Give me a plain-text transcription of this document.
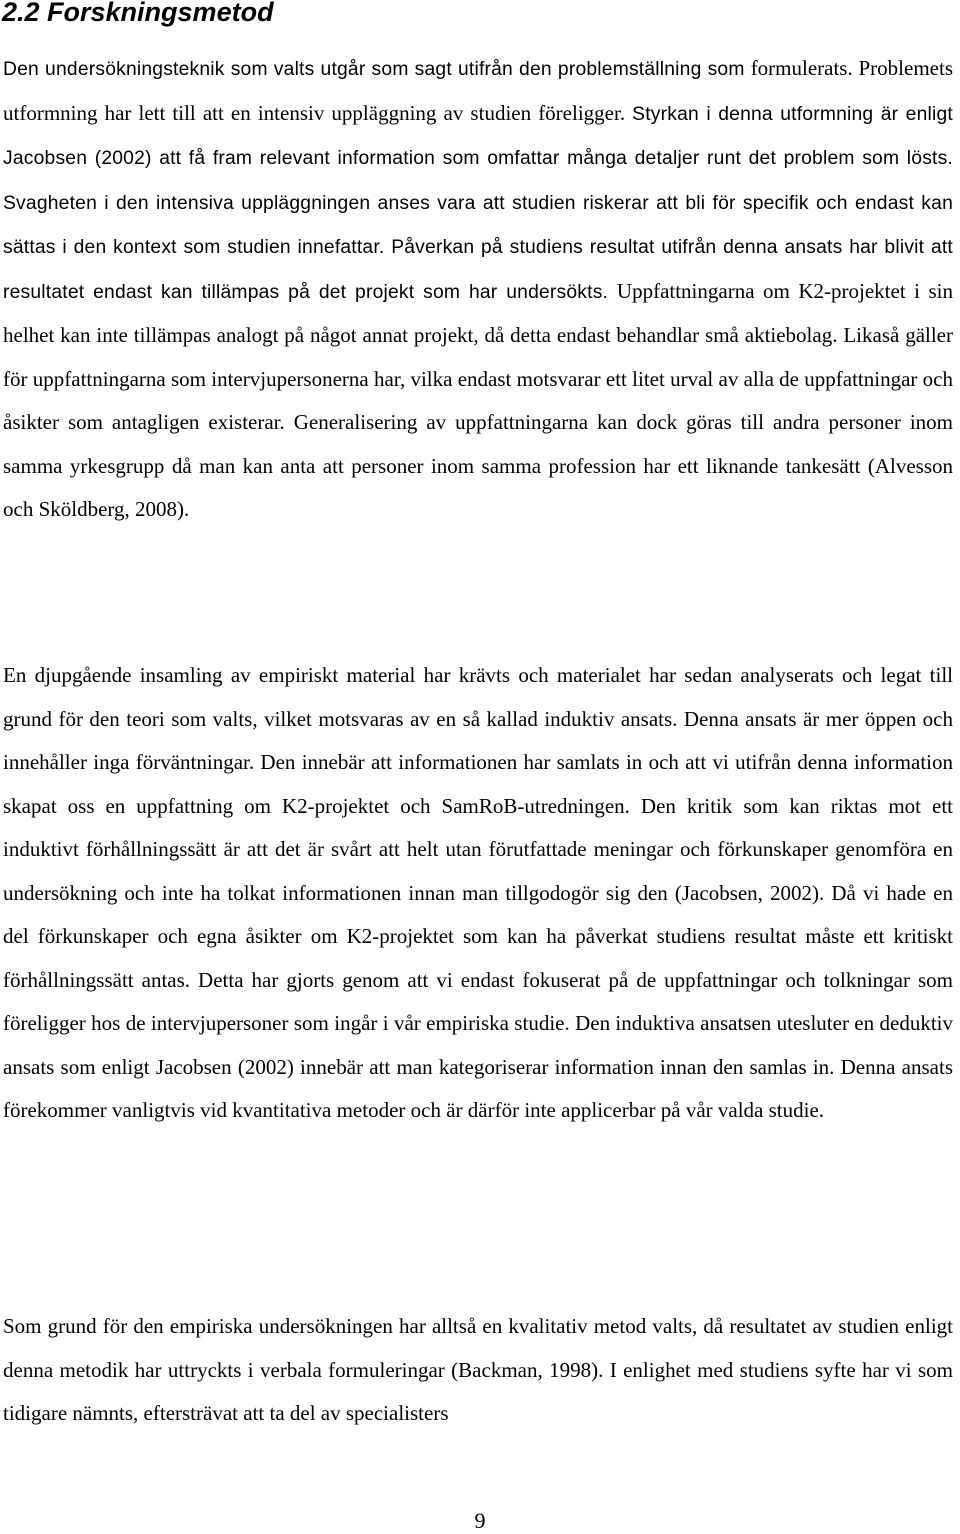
2.2 Forskningsmetod

Den undersökningsteknik som valts utgår som sagt utifrån den problemställning som formulerats. Problemets utformning har lett till att en intensiv uppläggning av studien föreligger. Styrkan i denna utformning är enligt Jacobsen (2002) att få fram relevant information som omfattar många detaljer runt det problem som lösts. Svagheten i den intensiva uppläggningen anses vara att studien riskerar att bli för specifik och endast kan sättas i den kontext som studien innefattar. Påverkan på studiens resultat utifrån denna ansats har blivit att resultatet endast kan tillämpas på det projekt som har undersökts. Uppfattningarna om K2-projektet i sin helhet kan inte tillämpas analogt på något annat projekt, då detta endast behandlar små aktiebolag. Likaså gäller för uppfattningarna som intervjupersonerna har, vilka endast motsvarar ett litet urval av alla de uppfattningar och åsikter som antagligen existerar. Generalisering av uppfattningarna kan dock göras till andra personer inom samma yrkesgrupp då man kan anta att personer inom samma profession har ett liknande tankesätt (Alvesson och Sköldberg, 2008).

En djupgående insamling av empiriskt material har krävts och materialet har sedan analyserats och legat till grund för den teori som valts, vilket motsvaras av en så kallad induktiv ansats. Denna ansats är mer öppen och innehåller inga förväntningar. Den innebär att informationen har samlats in och att vi utifrån denna information skapat oss en uppfattning om K2-projektet och SamRoB-utredningen. Den kritik som kan riktas mot ett induktivt förhållningssätt är att det är svårt att helt utan förutfattade meningar och förkunskaper genomföra en undersökning och inte ha tolkat informationen innan man tillgodogör sig den (Jacobsen, 2002). Då vi hade en del förkunskaper och egna åsikter om K2-projektet som kan ha påverkat studiens resultat måste ett kritiskt förhållningssätt antas. Detta har gjorts genom att vi endast fokuserat på de uppfattningar och tolkningar som föreligger hos de intervjupersoner som ingår i vår empiriska studie. Den induktiva ansatsen utesluter en deduktiv ansats som enligt Jacobsen (2002) innebär att man kategoriserar information innan den samlas in. Denna ansats förekommer vanligtvis vid kvantitativa metoder och är därför inte applicerbar på vår valda studie.

Som grund för den empiriska undersökningen har alltså en kvalitativ metod valts, då resultatet av studien enligt denna metodik har uttryckts i verbala formuleringar (Backman, 1998). I enlighet med studiens syfte har vi som tidigare nämnts, eftersträvat att ta del av specialisters

9
